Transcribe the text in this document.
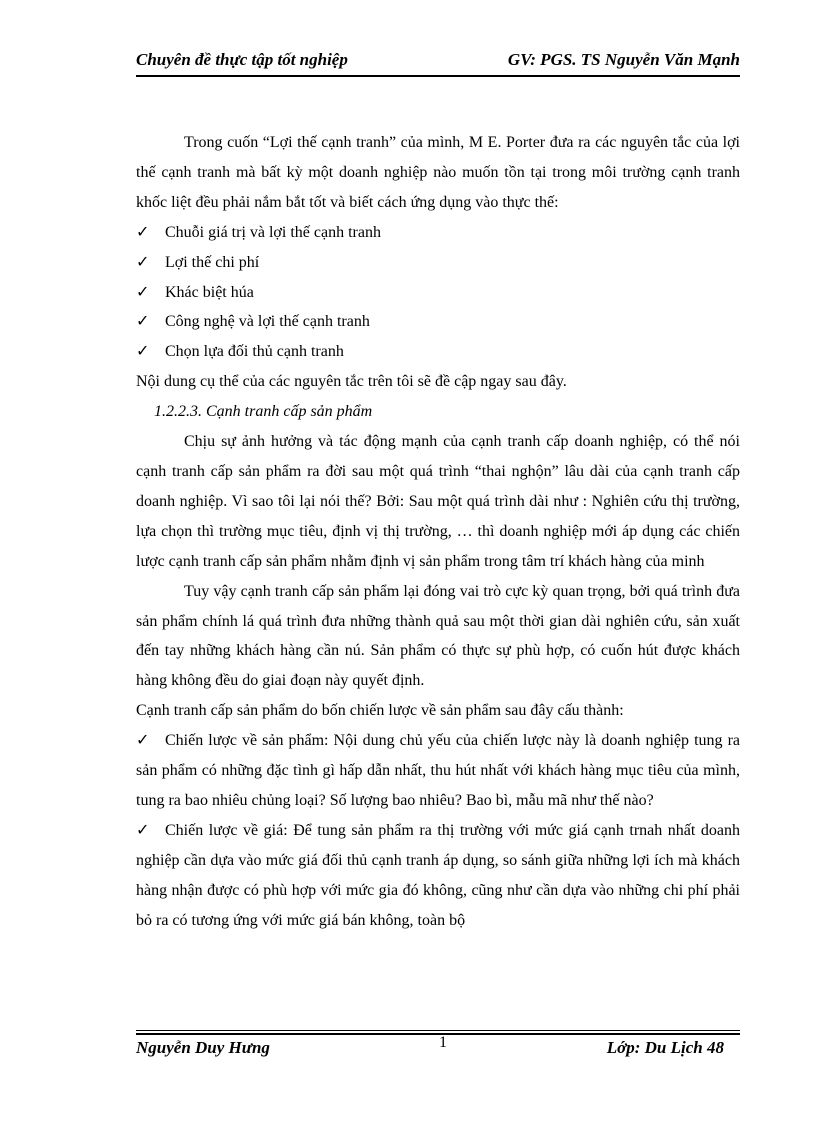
Chuyên đề thực tập tốt nghiệp	GV: PGS. TS Nguyễn Văn Mạnh

Trong cuốn “Lợi thế cạnh tranh” của mình, M E. Porter đưa ra các nguyên tắc của lợi thế cạnh tranh mà bất kỳ một doanh nghiệp nào muốn tồn tại trong môi trường cạnh tranh khốc liệt đều phải nắm bắt tốt và biết cách ứng dụng vào thực thế:

✓ Chuỗi giá trị và lợi thế cạnh tranh

✓ Lợi thế chi phí

✓ Khác biệt húa

✓ Công nghệ và lợi thế cạnh tranh

✓ Chọn lựa đối thủ cạnh tranh

Nội dung cụ thể của các nguyên tắc trên tôi sẽ đề cập ngay sau đây.

1.2.2.3. Cạnh tranh cấp sản phẩm

Chịu sự ảnh hưởng và tác động mạnh của cạnh tranh cấp doanh nghiệp, có thể nói cạnh tranh cấp sản phẩm ra đời sau một quá trình “thai nghộn” lâu dài của cạnh tranh cấp doanh nghiệp. Vì sao tôi lại nói thế? Bởi: Sau một quá trình dài như : Nghiên cứu thị trường, lựa chọn thì trường mục tiêu, định vị thị trường, … thì doanh nghiệp mới áp dụng các chiến lược cạnh tranh cấp sản phẩm nhằm định vị sản phẩm trong tâm trí khách hàng của minh

Tuy vậy cạnh tranh cấp sản phẩm lại đóng vai trò cực kỳ quan trọng, bởi quá trình đưa sản phẩm chính lá quá trình đưa những thành quả sau một thời gian dài nghiên cứu, sản xuất đến tay những khách hàng cần nú. Sản phẩm có thực sự phù hợp, có cuốn hút được khách hàng không đều do giai đoạn này quyết định.

Cạnh tranh cấp sản phẩm do bốn chiến lược về sản phẩm sau đây cấu thành:

✓ Chiến lược về sản phẩm: Nội dung chủ yếu của chiến lược này là doanh nghiệp tung ra sản phẩm có những đặc tình gì hấp dẫn nhất, thu hút nhất với khách hàng mục tiêu của mình, tung ra bao nhiêu chủng loại? Số lượng bao nhiêu? Bao bì, mẫu mã như thế nào?

✓ Chiến lược về giá: Để tung sản phẩm ra thị trường với mức giá cạnh trnah nhất doanh nghiệp cần dựa vào mức giá đối thủ cạnh tranh áp dụng, so sánh giữa những lợi ích mà khách hàng nhận được có phù hợp với mức gia đó không, cũng như cần dựa vào những chi phí phải bỏ ra có tương ứng với mức giá bán không, toàn bộ

Nguyễn Duy Hưng	1	Lớp: Du Lịch 48
